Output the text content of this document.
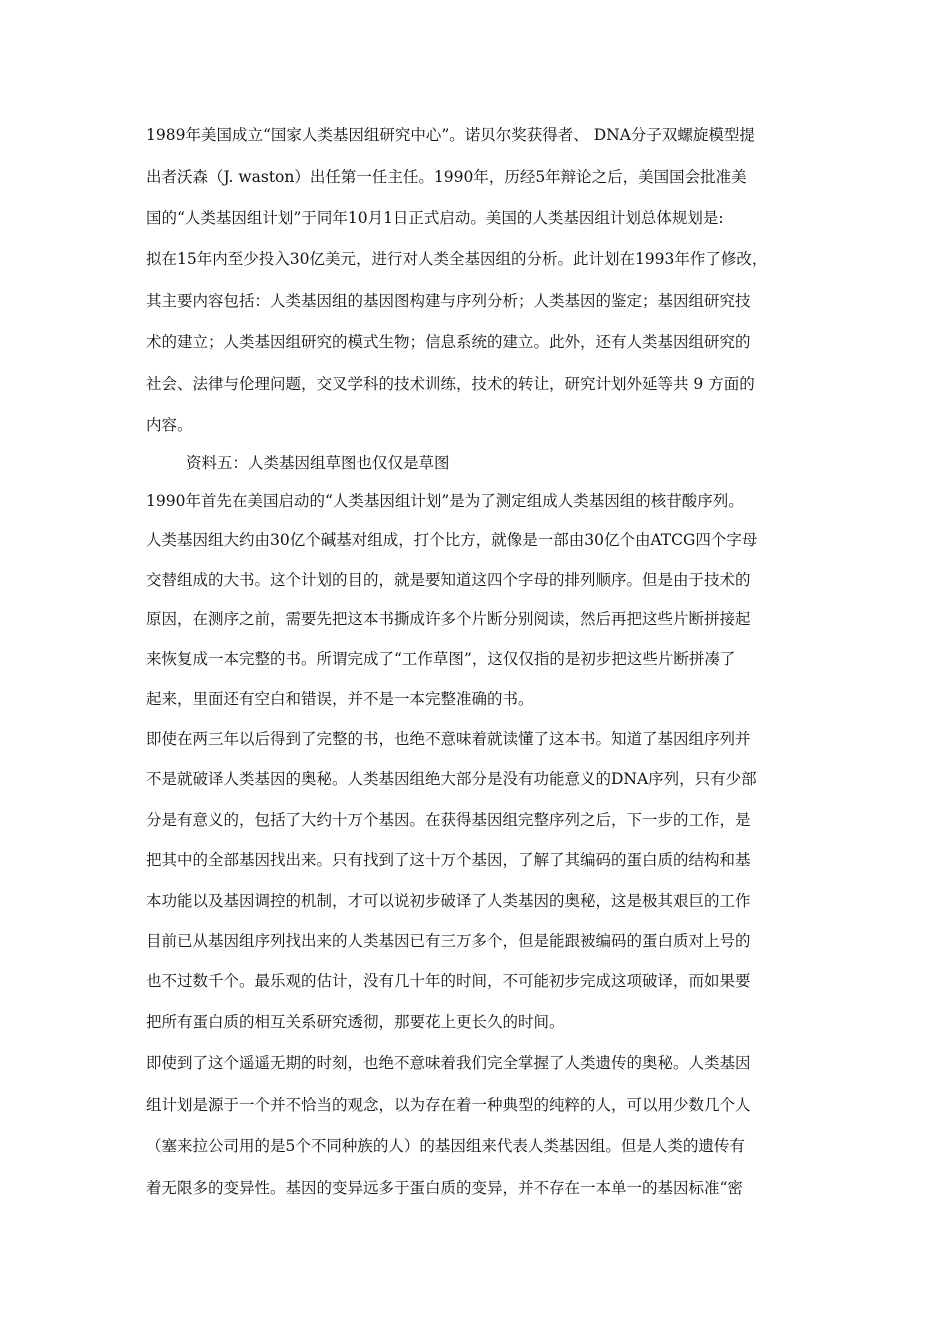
1989年美国成立“国家人类基因组研究中心”。诺贝尔奖获得者、 DNA分子双螺旋模型提
出者沃森（J. waston）出任第一任主任。1990年，历经5年辩论之后，美国国会批准美
国的“人类基因组计划”于同年10月1日正式启动。美国的人类基因组计划总体规划是:
拟在15年内至少投入30亿美元，进行对人类全基因组的分析。此计划在1993年作了修改，
其主要内容包括：人类基因组的基因图构建与序列分析；人类基因的鉴定；基因组研究技
术的建立；人类基因组研究的模式生物；信息系统的建立。此外，还有人类基因组研究的
社会、法律与伦理问题，交叉学科的技术训练，技术的转让，研究计划外延等共 9 方面的
内容。
资料五：人类基因组草图也仅仅是草图
1990年首先在美国启动的“人类基因组计划”是为了测定组成人类基因组的核苷酸序列。
人类基因组大约由30亿个碱基对组成，打个比方，就像是一部由30亿个由ATCG四个字母
交替组成的大书。这个计划的目的，就是要知道这四个字母的排列顺序。但是由于技术的
原因，在测序之前，需要先把这本书撕成许多个片断分别阅读，然后再把这些片断拼接起
来恢复成一本完整的书。所谓完成了“工作草图”，这仅仅指的是初步把这些片断拼凑了
起来，里面还有空白和错误，并不是一本完整准确的书。
即使在两三年以后得到了完整的书，也绝不意味着就读懂了这本书。知道了基因组序列并
不是就破译人类基因的奥秘。人类基因组绝大部分是没有功能意义的DNA序列，只有少部
分是有意义的，包括了大约十万个基因。在获得基因组完整序列之后，下一步的工作，是
把其中的全部基因找出来。只有找到了这十万个基因，了解了其编码的蛋白质的结构和基
本功能以及基因调控的机制，才可以说初步破译了人类基因的奥秘，这是极其艰巨的工作
目前已从基因组序列找出来的人类基因已有三万多个，但是能跟被编码的蛋白质对上号的
也不过数千个。最乐观的估计，没有几十年的时间，不可能初步完成这项破译，而如果要
把所有蛋白质的相互关系研究透彻，那要花上更长久的时间。
即使到了这个遥遥无期的时刻，也绝不意味着我们完全掌握了人类遗传的奥秘。人类基因
组计划是源于一个并不恰当的观念，以为存在着一种典型的纯粹的人，可以用少数几个人
（塞来拉公司用的是5个不同种族的人）的基因组来代表人类基因组。但是人类的遗传有
着无限多的变异性。基因的变异远多于蛋白质的变异，并不存在一本单一的基因标准“密
